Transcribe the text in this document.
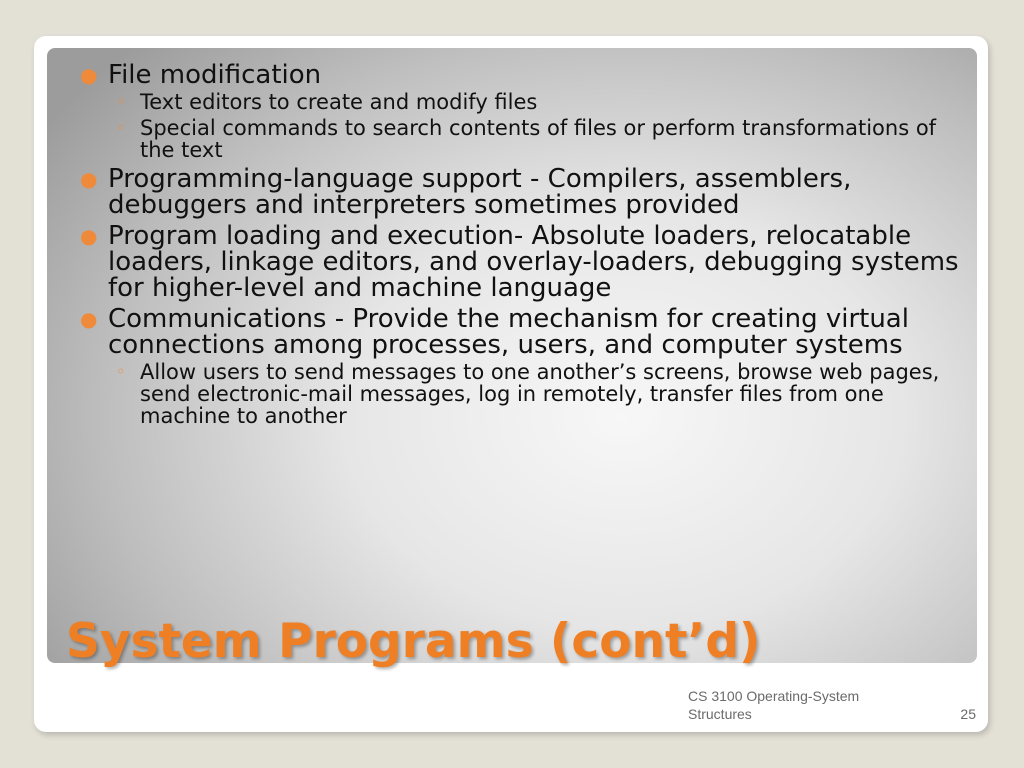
● File modification
◦ Text editors to create and modify files
◦ Special commands to search contents of files or perform transformations of the text
● Programming-language support - Compilers, assemblers, debuggers and interpreters sometimes provided
● Program loading and execution- Absolute loaders, relocatable loaders, linkage editors, and overlay-loaders, debugging systems for higher-level and machine language
● Communications - Provide the mechanism for creating virtual connections among processes, users, and computer systems
◦ Allow users to send messages to one another’s screens, browse web pages, send electronic-mail messages, log in remotely, transfer files from one machine to another
System Programs (cont’d)
CS 3100 Operating-System Structures	25
